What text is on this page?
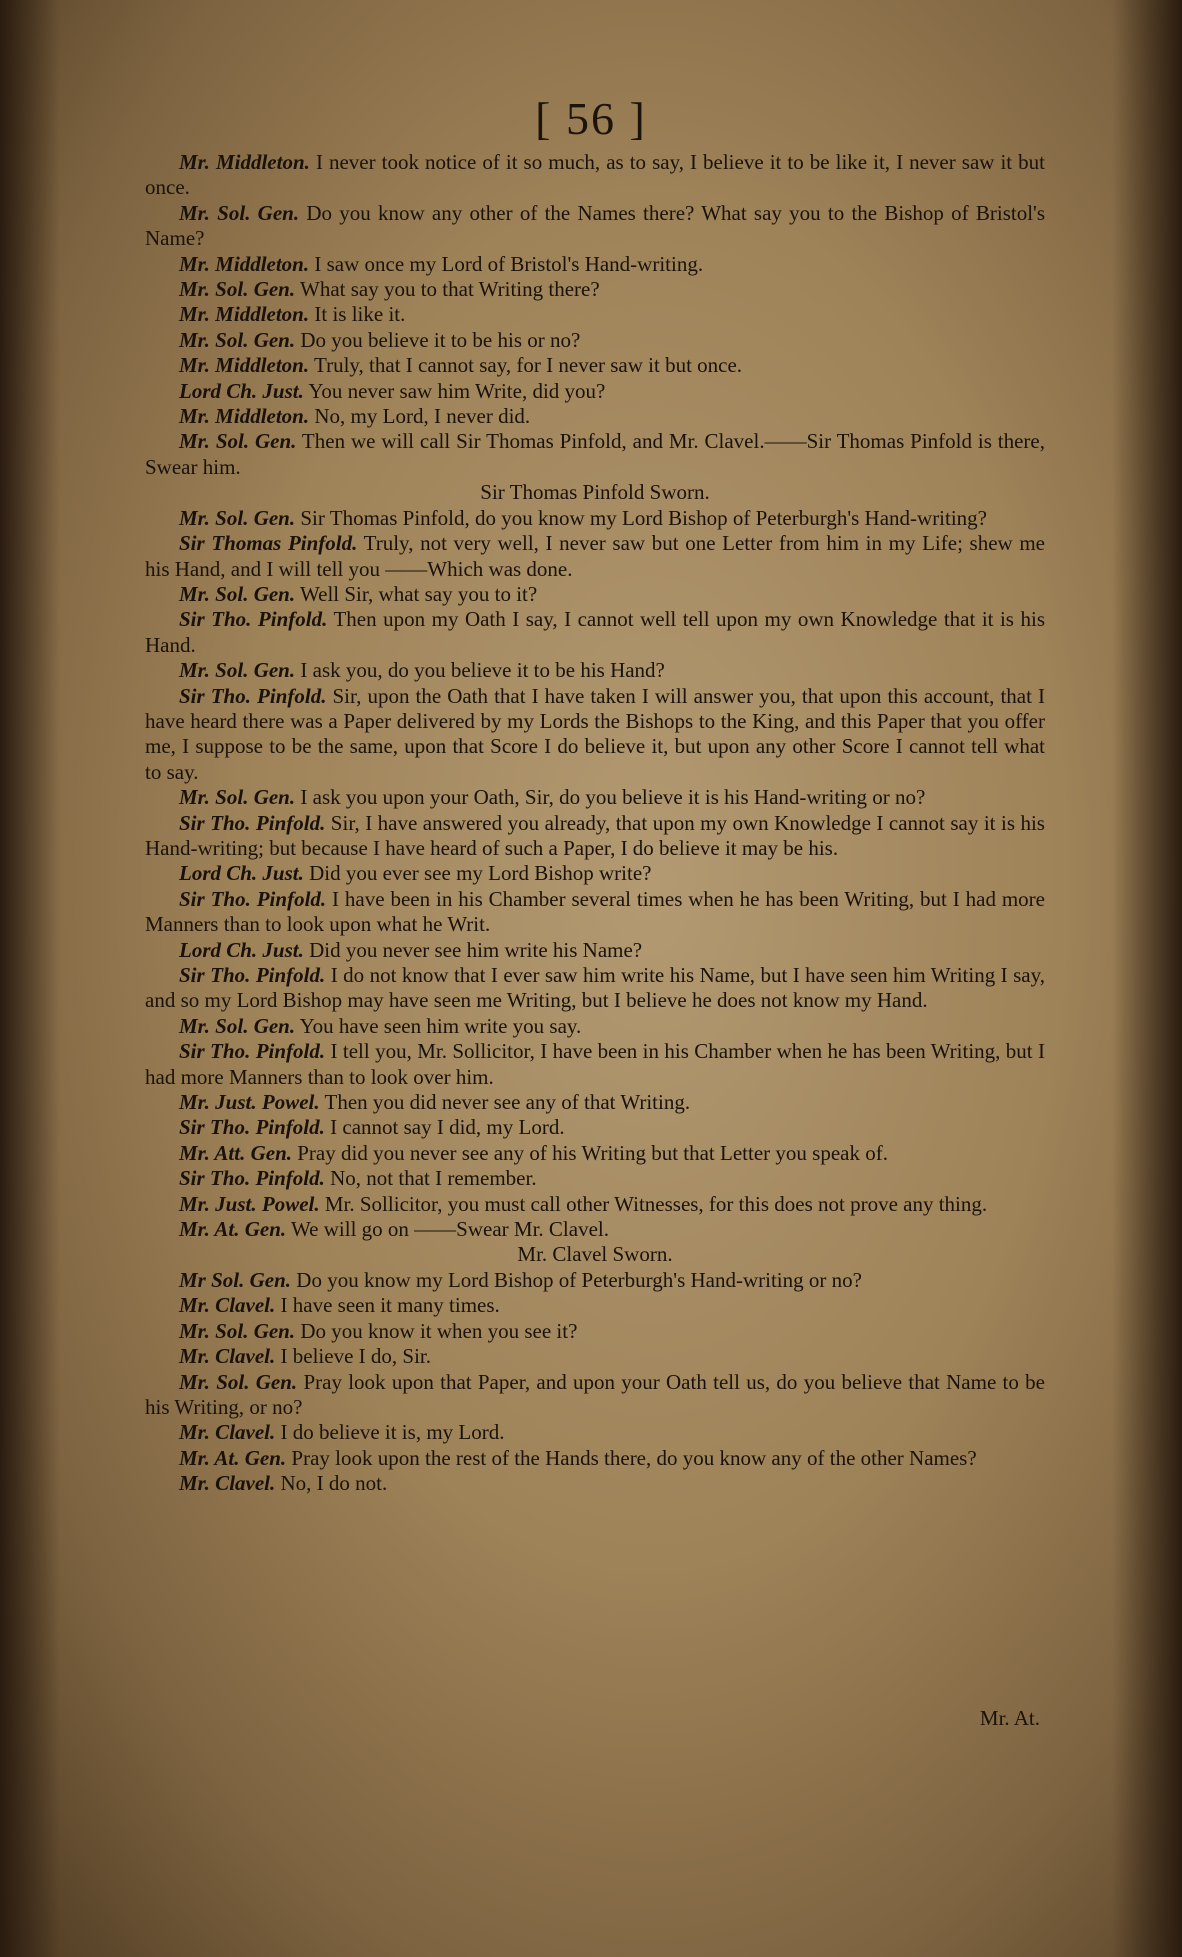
[ 56 ]

Mr. Middleton. I never took notice of it so much, as to say, I believe it to be like it, I never saw it but once.

Mr. Sol. Gen. Do you know any other of the Names there? What say you to the Bishop of Bristol's Name?

Mr. Middleton. I saw once my Lord of Bristol's Hand-writing.

Mr. Sol. Gen. What say you to that Writing there?

Mr. Middleton. It is like it.

Mr. Sol. Gen. Do you believe it to be his or no?

Mr. Middleton. Truly, that I cannot say, for I never saw it but once.

Lord Ch. Just. You never saw him Write, did you?

Mr. Middleton. No, my Lord, I never did.

Mr. Sol. Gen. Then we will call Sir Thomas Pinfold, and Mr. Clavel.——Sir Thomas Pinfold is there, Swear him.

Sir Thomas Pinfold Sworn.

Mr. Sol. Gen. Sir Thomas Pinfold, do you know my Lord Bishop of Peterburgh's Hand-writing?

Sir Thomas Pinfold. Truly, not very well, I never saw but one Letter from him in my Life; shew me his Hand, and I will tell you ——Which was done.

Mr. Sol. Gen. Well Sir, what say you to it?

Sir Tho. Pinfold. Then upon my Oath I say, I cannot well tell upon my own Knowledge that it is his Hand.

Mr. Sol. Gen. I ask you, do you believe it to be his Hand?

Sir Tho. Pinfold. Sir, upon the Oath that I have taken I will answer you, that upon this account, that I have heard there was a Paper delivered by my Lords the Bishops to the King, and this Paper that you offer me, I suppose to be the same, upon that Score I do believe it, but upon any other Score I cannot tell what to say.

Mr. Sol. Gen. I ask you upon your Oath, Sir, do you believe it is his Hand-writing or no?

Sir Tho. Pinfold. Sir, I have answered you already, that upon my own Knowledge I cannot say it is his Hand-writing; but because I have heard of such a Paper, I do believe it may be his.

Lord Ch. Just. Did you ever see my Lord Bishop write?

Sir Tho. Pinfold. I have been in his Chamber several times when he has been Writing, but I had more Manners than to look upon what he Writ.

Lord Ch. Just. Did you never see him write his Name?

Sir Tho. Pinfold. I do not know that I ever saw him write his Name, but I have seen him Writing I say, and so my Lord Bishop may have seen me Writing, but I believe he does not know my Hand.

Mr. Sol. Gen. You have seen him write you say.

Sir Tho. Pinfold. I tell you, Mr. Sollicitor, I have been in his Chamber when he has been Writing, but I had more Manners than to look over him.

Mr. Just. Powel. Then you did never see any of that Writing.

Sir Tho. Pinfold. I cannot say I did, my Lord.

Mr. Att. Gen. Pray did you never see any of his Writing but that Letter you speak of.

Sir Tho. Pinfold. No, not that I remember.

Mr. Just. Powel. Mr. Sollicitor, you must call other Witnesses, for this does not prove any thing.

Mr. At. Gen. We will go on ——Swear Mr. Clavel.

Mr. Clavel Sworn.

Mr Sol. Gen. Do you know my Lord Bishop of Peterburgh's Hand-writing or no?

Mr. Clavel. I have seen it many times.

Mr. Sol. Gen. Do you know it when you see it?

Mr. Clavel. I believe I do, Sir.

Mr. Sol. Gen. Pray look upon that Paper, and upon your Oath tell us, do you believe that Name to be his Writing, or no?

Mr. Clavel. I do believe it is, my Lord.

Mr. At. Gen. Pray look upon the rest of the Hands there, do you know any of the other Names?

Mr. Clavel. No, I do not.

Mr. At.
